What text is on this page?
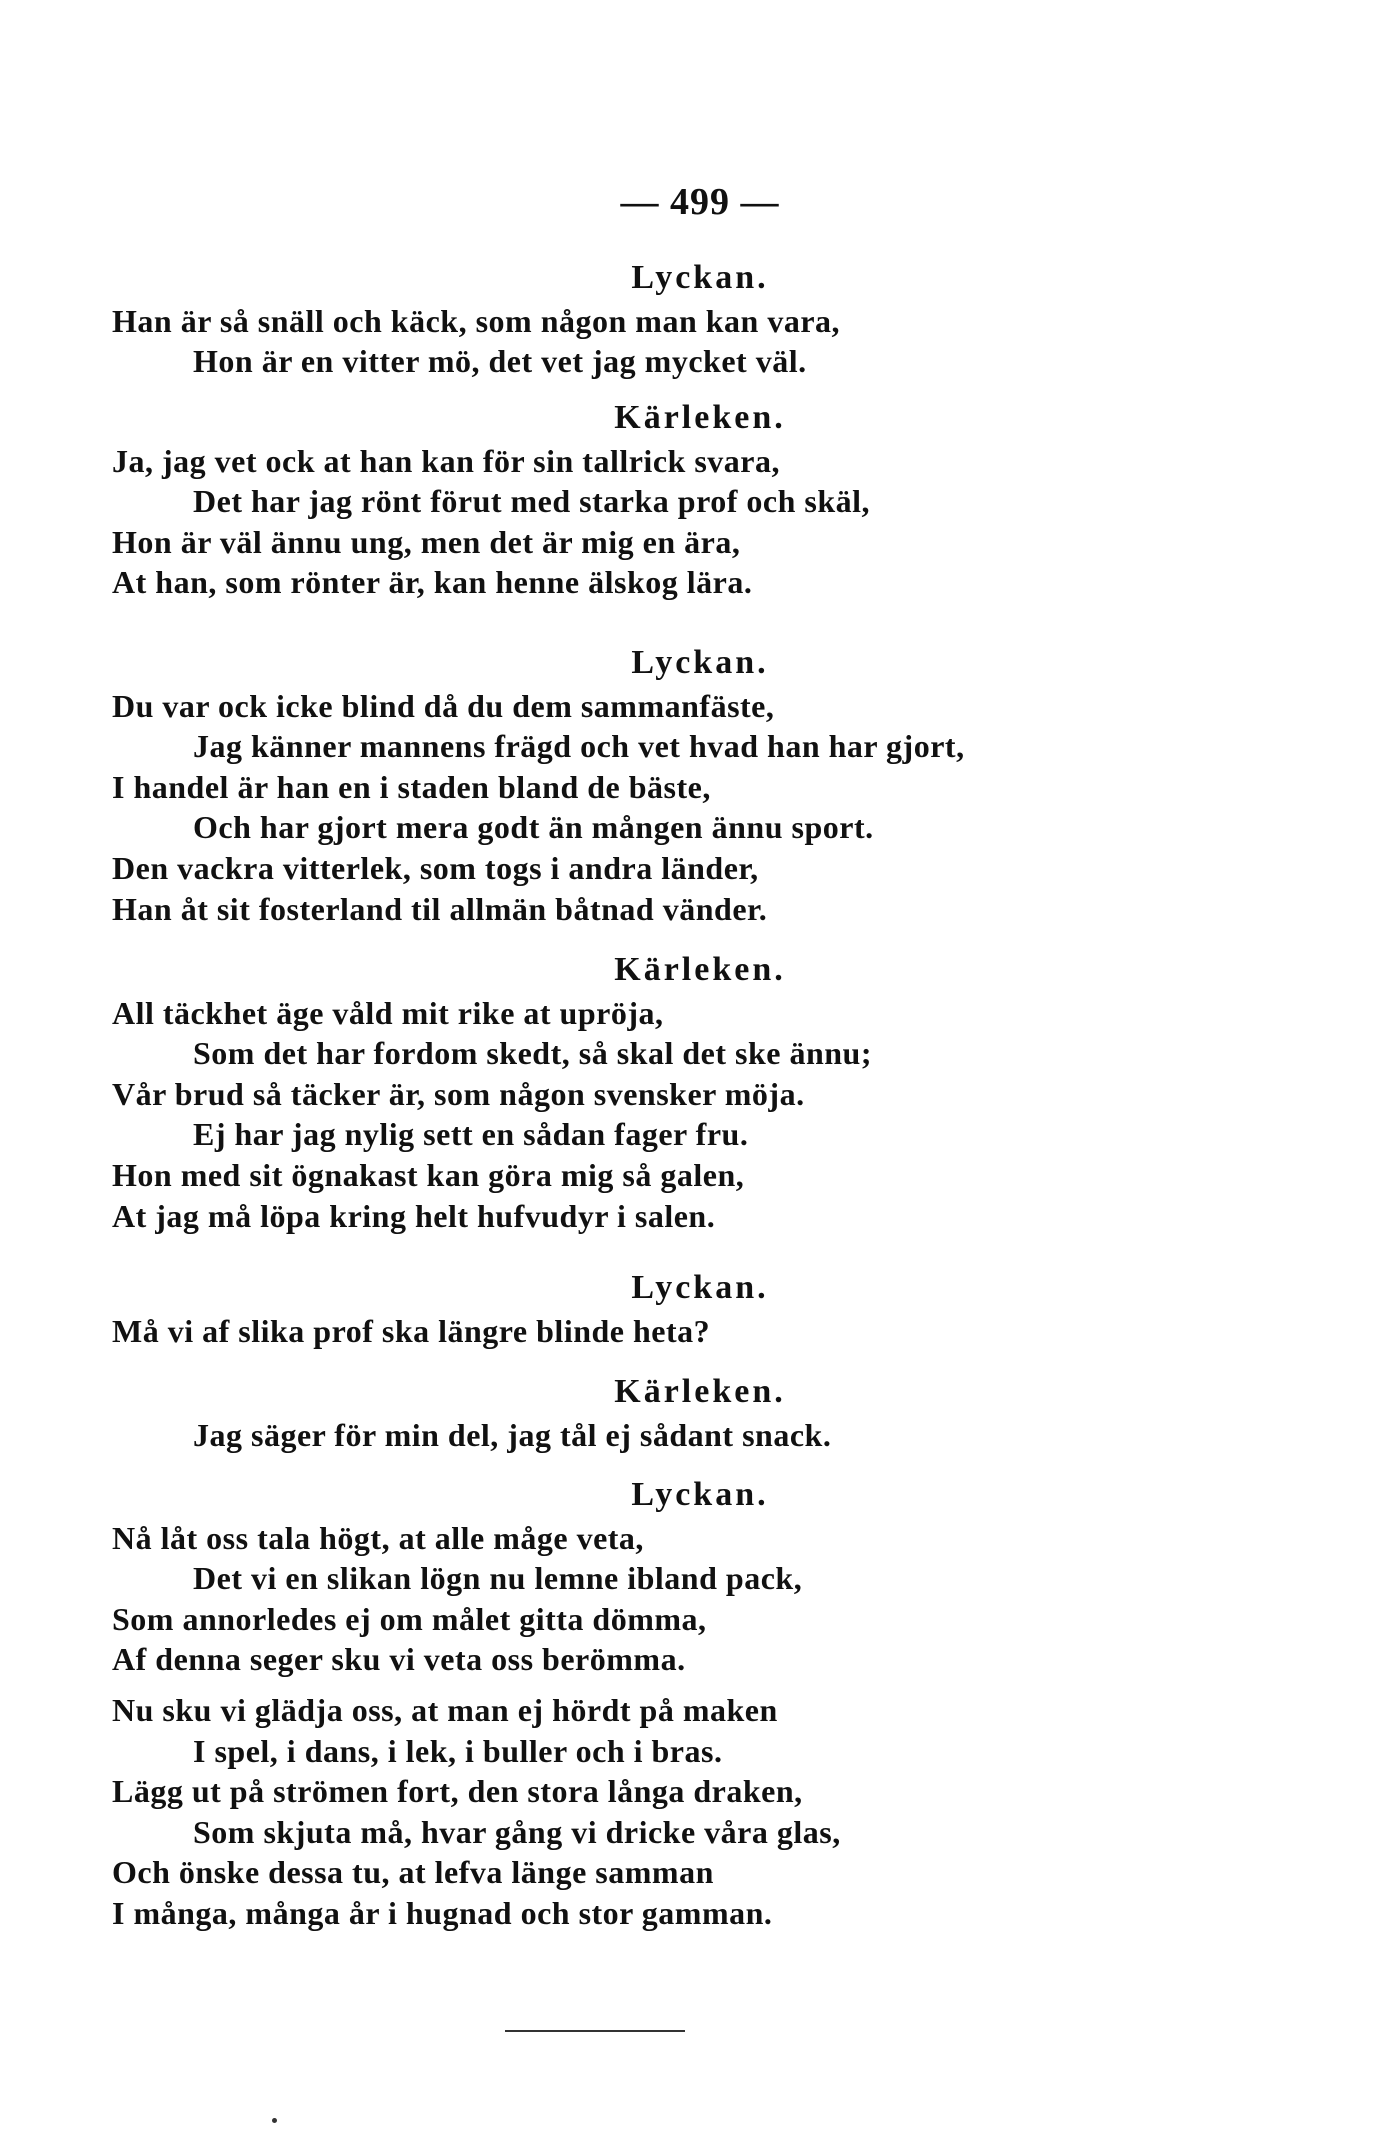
— 499 —
Lyckan.
Han är så snäll och käck, som någon man kan vara,
Hon är en vitter mö, det vet jag mycket väl.
Kärleken.
Ja, jag vet ock at han kan för sin tallrick svara,
Det har jag rönt förut med starka prof och skäl,
Hon är väl ännu ung, men det är mig en ära,
At han, som rönter är, kan henne älskog lära.
Lyckan.
Du var ock icke blind då du dem sammanfäste,
Jag känner mannens frägd och vet hvad han har gjort,
I handel är han en i staden bland de bäste,
Och har gjort mera godt än mången ännu sport.
Den vackra vitterlek, som togs i andra länder,
Han åt sit fosterland til allmän båtnad vänder.
Kärleken.
All täckhet äge våld mit rike at upröja,
Som det har fordom skedt, så skal det ske ännu;
Vår brud så täcker är, som någon svensker möja.
Ej har jag nylig sett en sådan fager fru.
Hon med sit ögnakast kan göra mig så galen,
At jag må löpa kring helt hufvudyr i salen.
Lyckan.
Må vi af slika prof ska längre blinde heta?
Kärleken.
Jag säger för min del, jag tål ej sådant snack.
Lyckan.
Nå låt oss tala högt, at alle måge veta,
Det vi en slikan lögn nu lemne ibland pack,
Som annorledes ej om målet gitta dömma,
Af denna seger sku vi veta oss berömma.
Nu sku vi glädja oss, at man ej hördt på maken
I spel, i dans, i lek, i buller och i bras.
Lägg ut på strömen fort, den stora långa draken,
Som skjuta må, hvar gång vi dricke våra glas,
Och önske dessa tu, at lefva länge samman
I många, många år i hugnad och stor gamman.
